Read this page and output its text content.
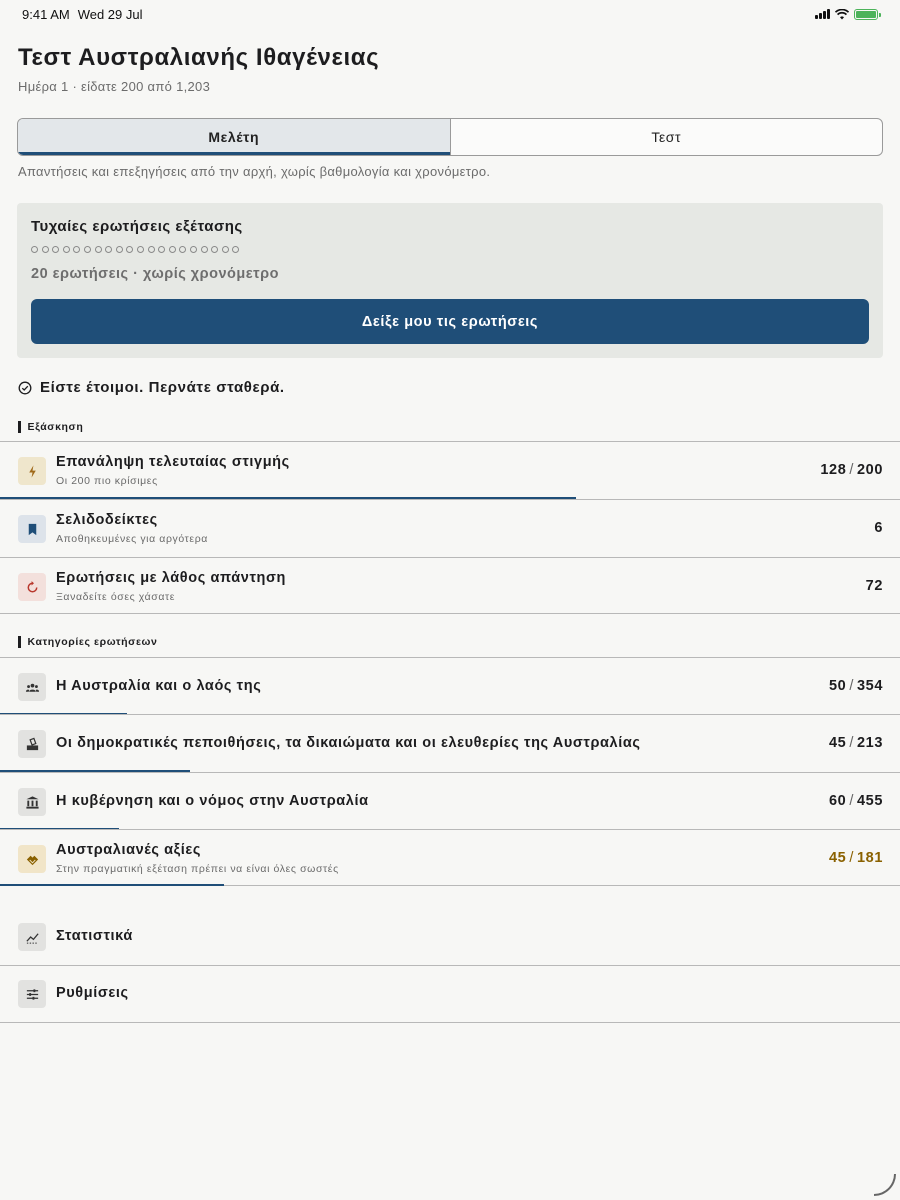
9:41 AM Wed 29 Jul
Τεστ Αυστραλιανής Ιθαγένειας
Ημέρα 1 · είδατε 200 από 1,203
Μελέτη	Τεστ
Απαντήσεις και επεξηγήσεις από την αρχή, χωρίς βαθμολογία και χρονόμετρο.
Τυχαίες ερωτήσεις εξέτασης
20 ερωτήσεις · χωρίς χρονόμετρο
Δείξε μου τις ερωτήσεις
Είστε έτοιμοι. Περνάτε σταθερά.
Εξάσκηση
Επανάληψη τελευταίας στιγμής
Οι 200 πιο κρίσιμες
128 / 200
Σελιδοδείκτες
Αποθηκευμένες για αργότερα
6
Ερωτήσεις με λάθος απάντηση
Ξαναδείτε όσες χάσατε
72
Κατηγορίες ερωτήσεων
Η Αυστραλία και ο λαός της	50 / 354
Οι δημοκρατικές πεποιθήσεις, τα δικαιώματα και οι ελευθερίες της Αυστραλίας	45 / 213
Η κυβέρνηση και ο νόμος στην Αυστραλία	60 / 455
Αυστραλιανές αξίες
Στην πραγματική εξέταση πρέπει να είναι όλες σωστές
45 / 181
Στατιστικά
Ρυθμίσεις
